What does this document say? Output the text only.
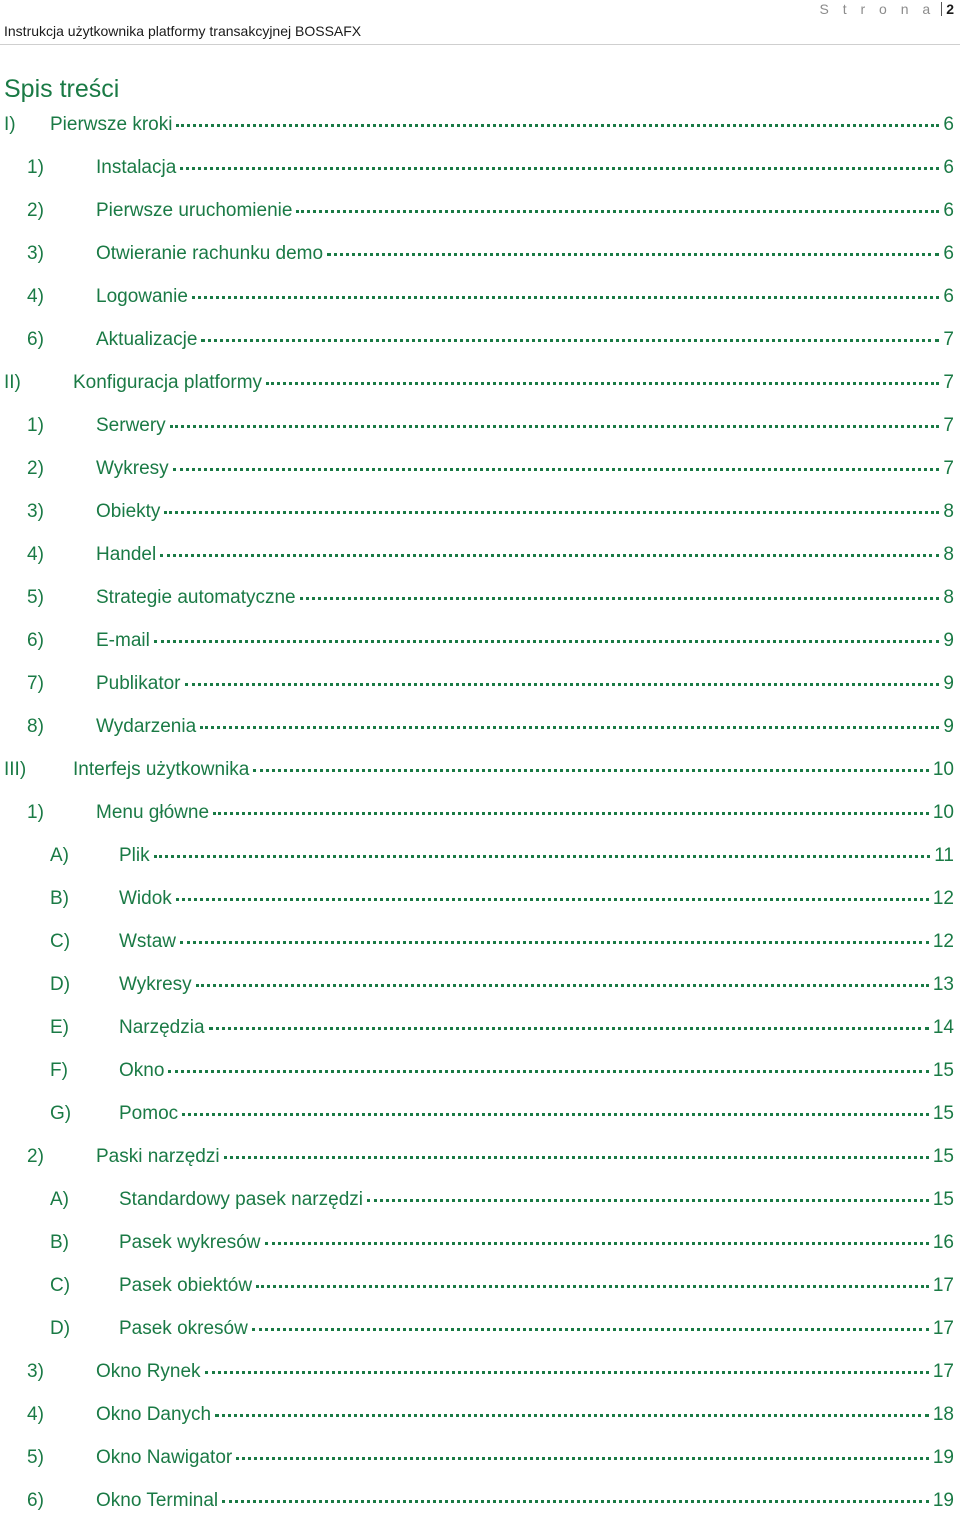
Instrukcja użytkownika platformy transakcyjnej BOSSAFX
S t r o n a 2
Spis treści
I) Pierwsze kroki	6
1)	Instalacja	6
2)	Pierwsze uruchomienie	6
3)	Otwieranie rachunku demo	6
4)	Logowanie	6
6)	Aktualizacje	7
II)	Konfiguracja platformy	7
1)	Serwery	7
2)	Wykresy	7
3)	Obiekty	8
4)	Handel	8
5)	Strategie automatyczne	8
6)	E-mail	9
7)	Publikator	9
8)	Wydarzenia	9
III) Interfejs użytkownika	10
1)	Menu główne	10
A)	Plik	11
B)	Widok	12
C)	Wstaw	12
D)	Wykresy	13
E)	Narzędzia	14
F)	Okno	15
G)	Pomoc	15
2)	Paski narzędzi	15
A)	Standardowy pasek narzędzi	15
B)	Pasek wykresów	16
C)	Pasek obiektów	17
D)	Pasek okresów	17
3)	Okno Rynek	17
4)	Okno Danych	18
5)	Okno Nawigator	19
6)	Okno Terminal	19
